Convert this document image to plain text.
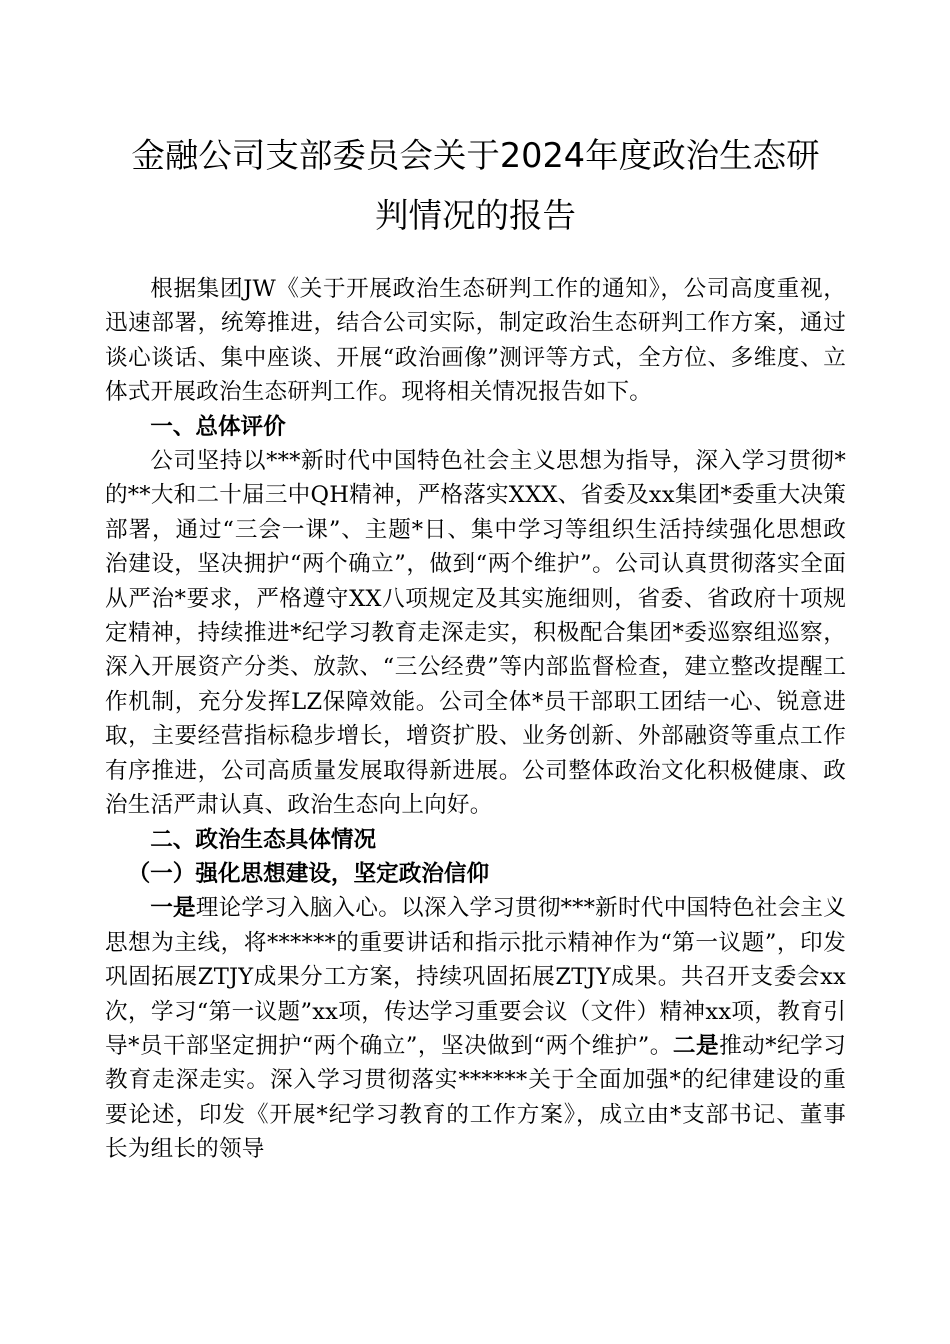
金融公司支部委员会关于2024年度政治生态研
判情况的报告

根据集团JW《关于开展政治生态研判工作的通知》，公司高度重视，迅速部署，统筹推进，结合公司实际，制定政治生态研判工作方案，通过谈心谈话、集中座谈、开展“政治画像”测评等方式，全方位、多维度、立体式开展政治生态研判工作。现将相关情况报告如下。

一、总体评价

公司坚持以***新时代中国特色社会主义思想为指导，深入学习贯彻*的**大和二十届三中QH精神，严格落实XXX、省委及xx集团*委重大决策部署，通过“三会一课”、主题*日、集中学习等组织生活持续强化思想政治建设，坚决拥护“两个确立”，做到“两个维护”。公司认真贯彻落实全面从严治*要求，严格遵守XX八项规定及其实施细则，省委、省政府十项规定精神，持续推进*纪学习教育走深走实，积极配合集团*委巡察组巡察，深入开展资产分类、放款、“三公经费”等内部监督检查，建立整改提醒工作机制，充分发挥LZ保障效能。公司全体*员干部职工团结一心、锐意进取，主要经营指标稳步增长，增资扩股、业务创新、外部融资等重点工作有序推进，公司高质量发展取得新进展。公司整体政治文化积极健康、政治生活严肃认真、政治生态向上向好。

二、政治生态具体情况

（一）强化思想建设，坚定政治信仰

一是理论学习入脑入心。以深入学习贯彻***新时代中国特色社会主义思想为主线，将******的重要讲话和指示批示精神作为“第一议题”，印发巩固拓展ZTJY成果分工方案，持续巩固拓展ZTJY成果。共召开支委会xx次，学习“第一议题”xx项，传达学习重要会议（文件）精神xx项，教育引导*员干部坚定拥护“两个确立”，坚决做到“两个维护”。二是推动*纪学习教育走深走实。深入学习贯彻落实******关于全面加强*的纪律建设的重要论述，印发《开展*纪学习教育的工作方案》，成立由*支部书记、董事长为组长的领导
